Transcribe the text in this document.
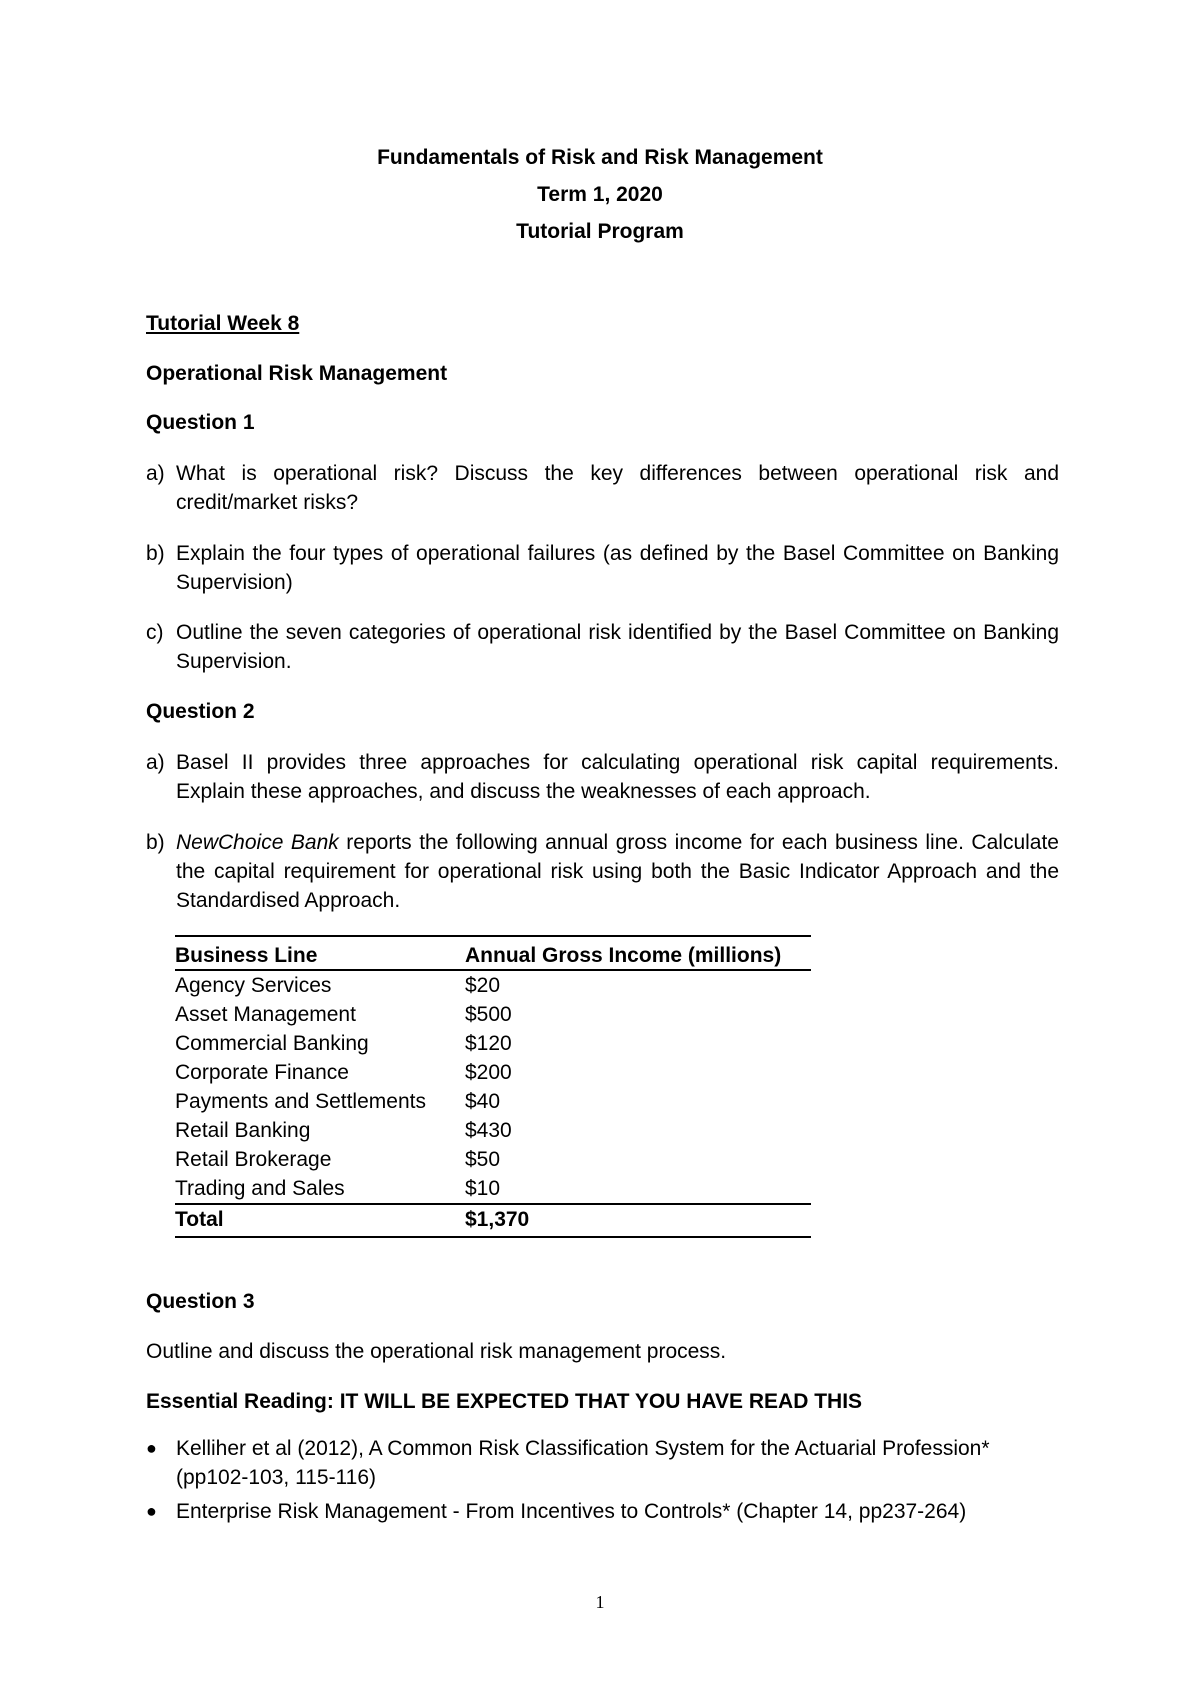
Fundamentals of Risk and Risk Management
Term 1, 2020
Tutorial Program
Tutorial Week 8
Operational Risk Management
Question 1
a) What is operational risk? Discuss the key differences between operational risk and credit/market risks?
b) Explain the four types of operational failures (as defined by the Basel Committee on Banking Supervision)
c) Outline the seven categories of operational risk identified by the Basel Committee on Banking Supervision.
Question 2
a) Basel II provides three approaches for calculating operational risk capital requirements. Explain these approaches, and discuss the weaknesses of each approach.
b) NewChoice Bank reports the following annual gross income for each business line. Calculate the capital requirement for operational risk using both the Basic Indicator Approach and the Standardised Approach.
Business Line	Annual Gross Income (millions)
Agency Services	$20
Asset Management	$500
Commercial Banking	$120
Corporate Finance	$200
Payments and Settlements $40
Retail Banking	$430
Retail Brokerage	$50
Trading and Sales	$10
Total	$1,370
Question 3
Outline and discuss the operational risk management process.
Essential Reading: IT WILL BE EXPECTED THAT YOU HAVE READ THIS
● Kelliher et al (2012), A Common Risk Classification System for the Actuarial Profession* (pp102-103, 115-116)
● Enterprise Risk Management - From Incentives to Controls* (Chapter 14, pp237-264)
1
